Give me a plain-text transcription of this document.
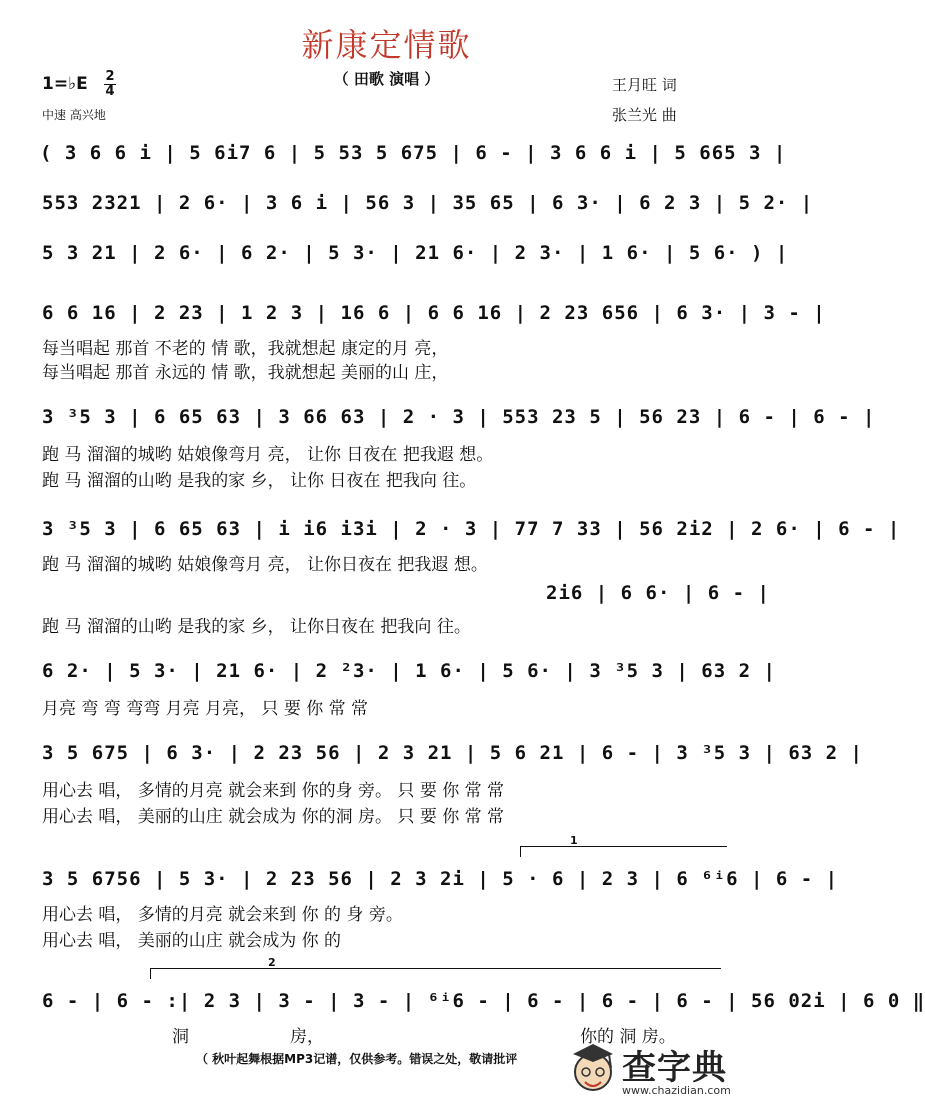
新康定情歌
（ 田歌 演唱 ）
1=♭E 2
4
中速 高兴地
王月旺 词
张兰光 曲
( 3 6 6 i | 5 6i7 6 | 5 53 5 675 | 6 - | 3 6 6 i | 5 665 3 |
553 2321 | 2 6· | 3 6 i | 56 3 | 35 65 | 6 3· | 6 2 3 | 5 2· |
5 3 21 | 2 6· | 6 2· | 5 3· | 21 6· | 2 3· | 1 6· | 5 6· ) |
6 6 16 | 2 23 | 1 2 3 | 16 6 | 6 6 16 | 2 23 656 | 6 3· | 3 - |
每当唱起 那首 不老的 情 歌，我就想起 康定的月 亮，
每当唱起 那首 永远的 情 歌，我就想起 美丽的山 庄，
3 ³5 3 | 6 65 63 | 3 66 63 | 2 · 3 | 553 23 5 | 56 23 | 6 - | 6 - |
跑 马 溜溜的城哟 姑娘像弯月 亮， 让你 日夜在 把我遐 想。
跑 马 溜溜的山哟 是我的家 乡， 让你 日夜在 把我向 往。
3 ³5 3 | 6 65 63 | i i6 i3i | 2 · 3 | 77 7 33 | 56 2i2 | 2 6· | 6 - |
跑 马 溜溜的城哟 姑娘像弯月 亮， 让你日夜在 把我遐 想。
2i6 | 6 6· | 6 - |
跑 马 溜溜的山哟 是我的家 乡， 让你日夜在 把我向 往。
6 2· | 5 3· | 21 6· | 2 ²3· | 1 6· | 5 6· | 3 ³5 3 | 63 2 |
月亮 弯 弯 弯弯 月亮 月亮， 只 要 你 常 常
3 5 675 | 6 3· | 2 23 56 | 2 3 21 | 5 6 21 | 6 - | 3 ³5 3 | 63 2 |
用心去 唱， 多情的月亮 就会来到 你的身 旁。 只 要 你 常 常
用心去 唱， 美丽的山庄 就会成为 你的洞 房。 只 要 你 常 常
1
3 5 6756 | 5 3· | 2 23 56 | 2 3 2i | 5 · 6 | 2 3 | 6 ⁶ⁱ6 | 6 - |
用心去 唱， 多情的月亮 就会来到 你 的 身 旁。
用心去 唱， 美丽的山庄 就会成为 你 的
2
6 - | 6 - :| 2 3 | 3 - | 3 - | ⁶ⁱ6 - | 6 - | 6 - | 6 - | 56 02i | 6 0 ‖
洞	房，	你的 洞 房。
（ 秋叶起舞根据MP3记谱，仅供参考。错误之处，敬请批评	查字典
www.chazidian.com
